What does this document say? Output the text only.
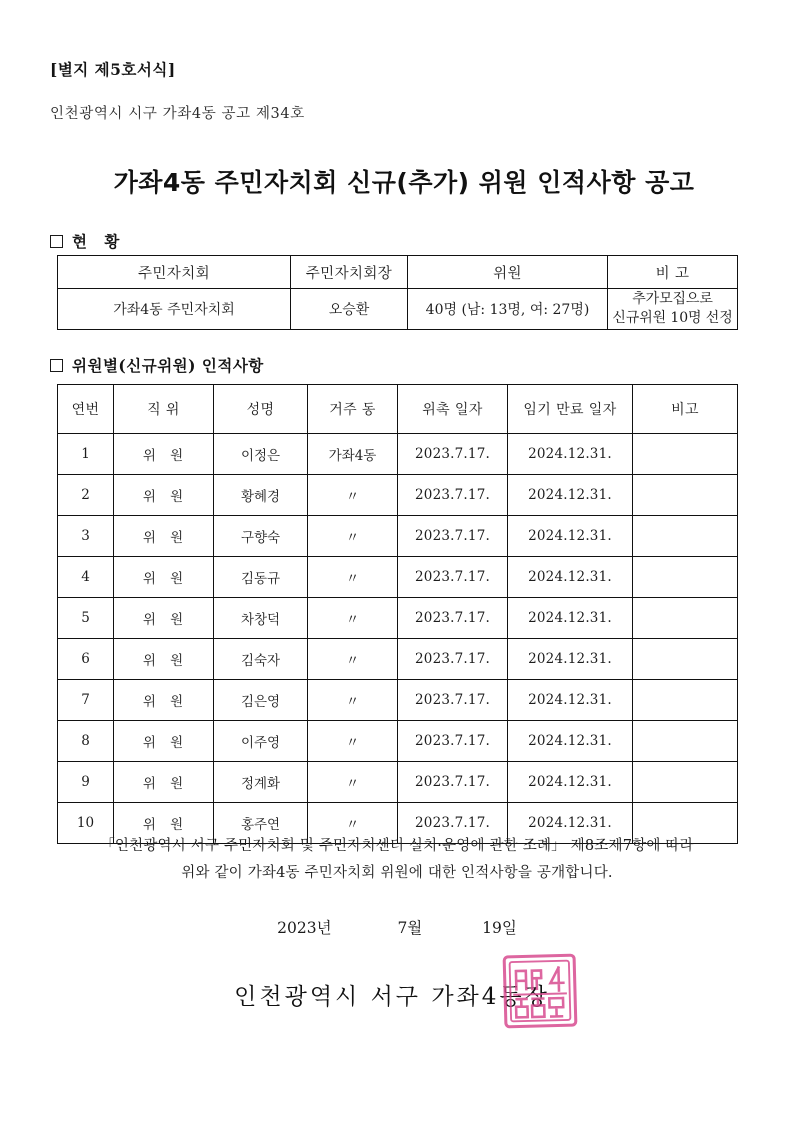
[별지 제5호서식]
인천광역시 시구 가좌4동 공고 제34호
가좌4동 주민자치회 신규(추가) 위원 인적사항 공고
현 황
주민자치회	주민자치회장	위원	비 고
가좌4동 주민자치회	오승환	40명 (남: 13명, 여: 27명)	추가모집으로
신규위원 10명 선정
위원별(신규위원) 인적사항
연번	직 위	성명	거주 동	위촉 일자	임기 만료 일자	비고
1	위 원	이정은	가좌4동	2023.7.17.	2024.12.31.	
2	위 원	황혜경	〃	2023.7.17.	2024.12.31.	
3	위 원	구향숙	〃	2023.7.17.	2024.12.31.	
4	위 원	김동규	〃	2023.7.17.	2024.12.31.	
5	위 원	차창덕	〃	2023.7.17.	2024.12.31.	
6	위 원	김숙자	〃	2023.7.17.	2024.12.31.	
7	위 원	김은영	〃	2023.7.17.	2024.12.31.	
8	위 원	이주영	〃	2023.7.17.	2024.12.31.	
9	위 원	정계화	〃	2023.7.17.	2024.12.31.	
10	위 원	홍주연	〃	2023.7.17.	2024.12.31.	
「인천광역시 서구 주민자치회 및 주민자치센터 실치·운영에 관한 조례」 제8조제7항에 따라
위와 같이 가좌4동 주민자치회 위원에 대한 인적사항을 공개합니다.
2023년	7월	19일
인천광역시 서구 가좌4동장
